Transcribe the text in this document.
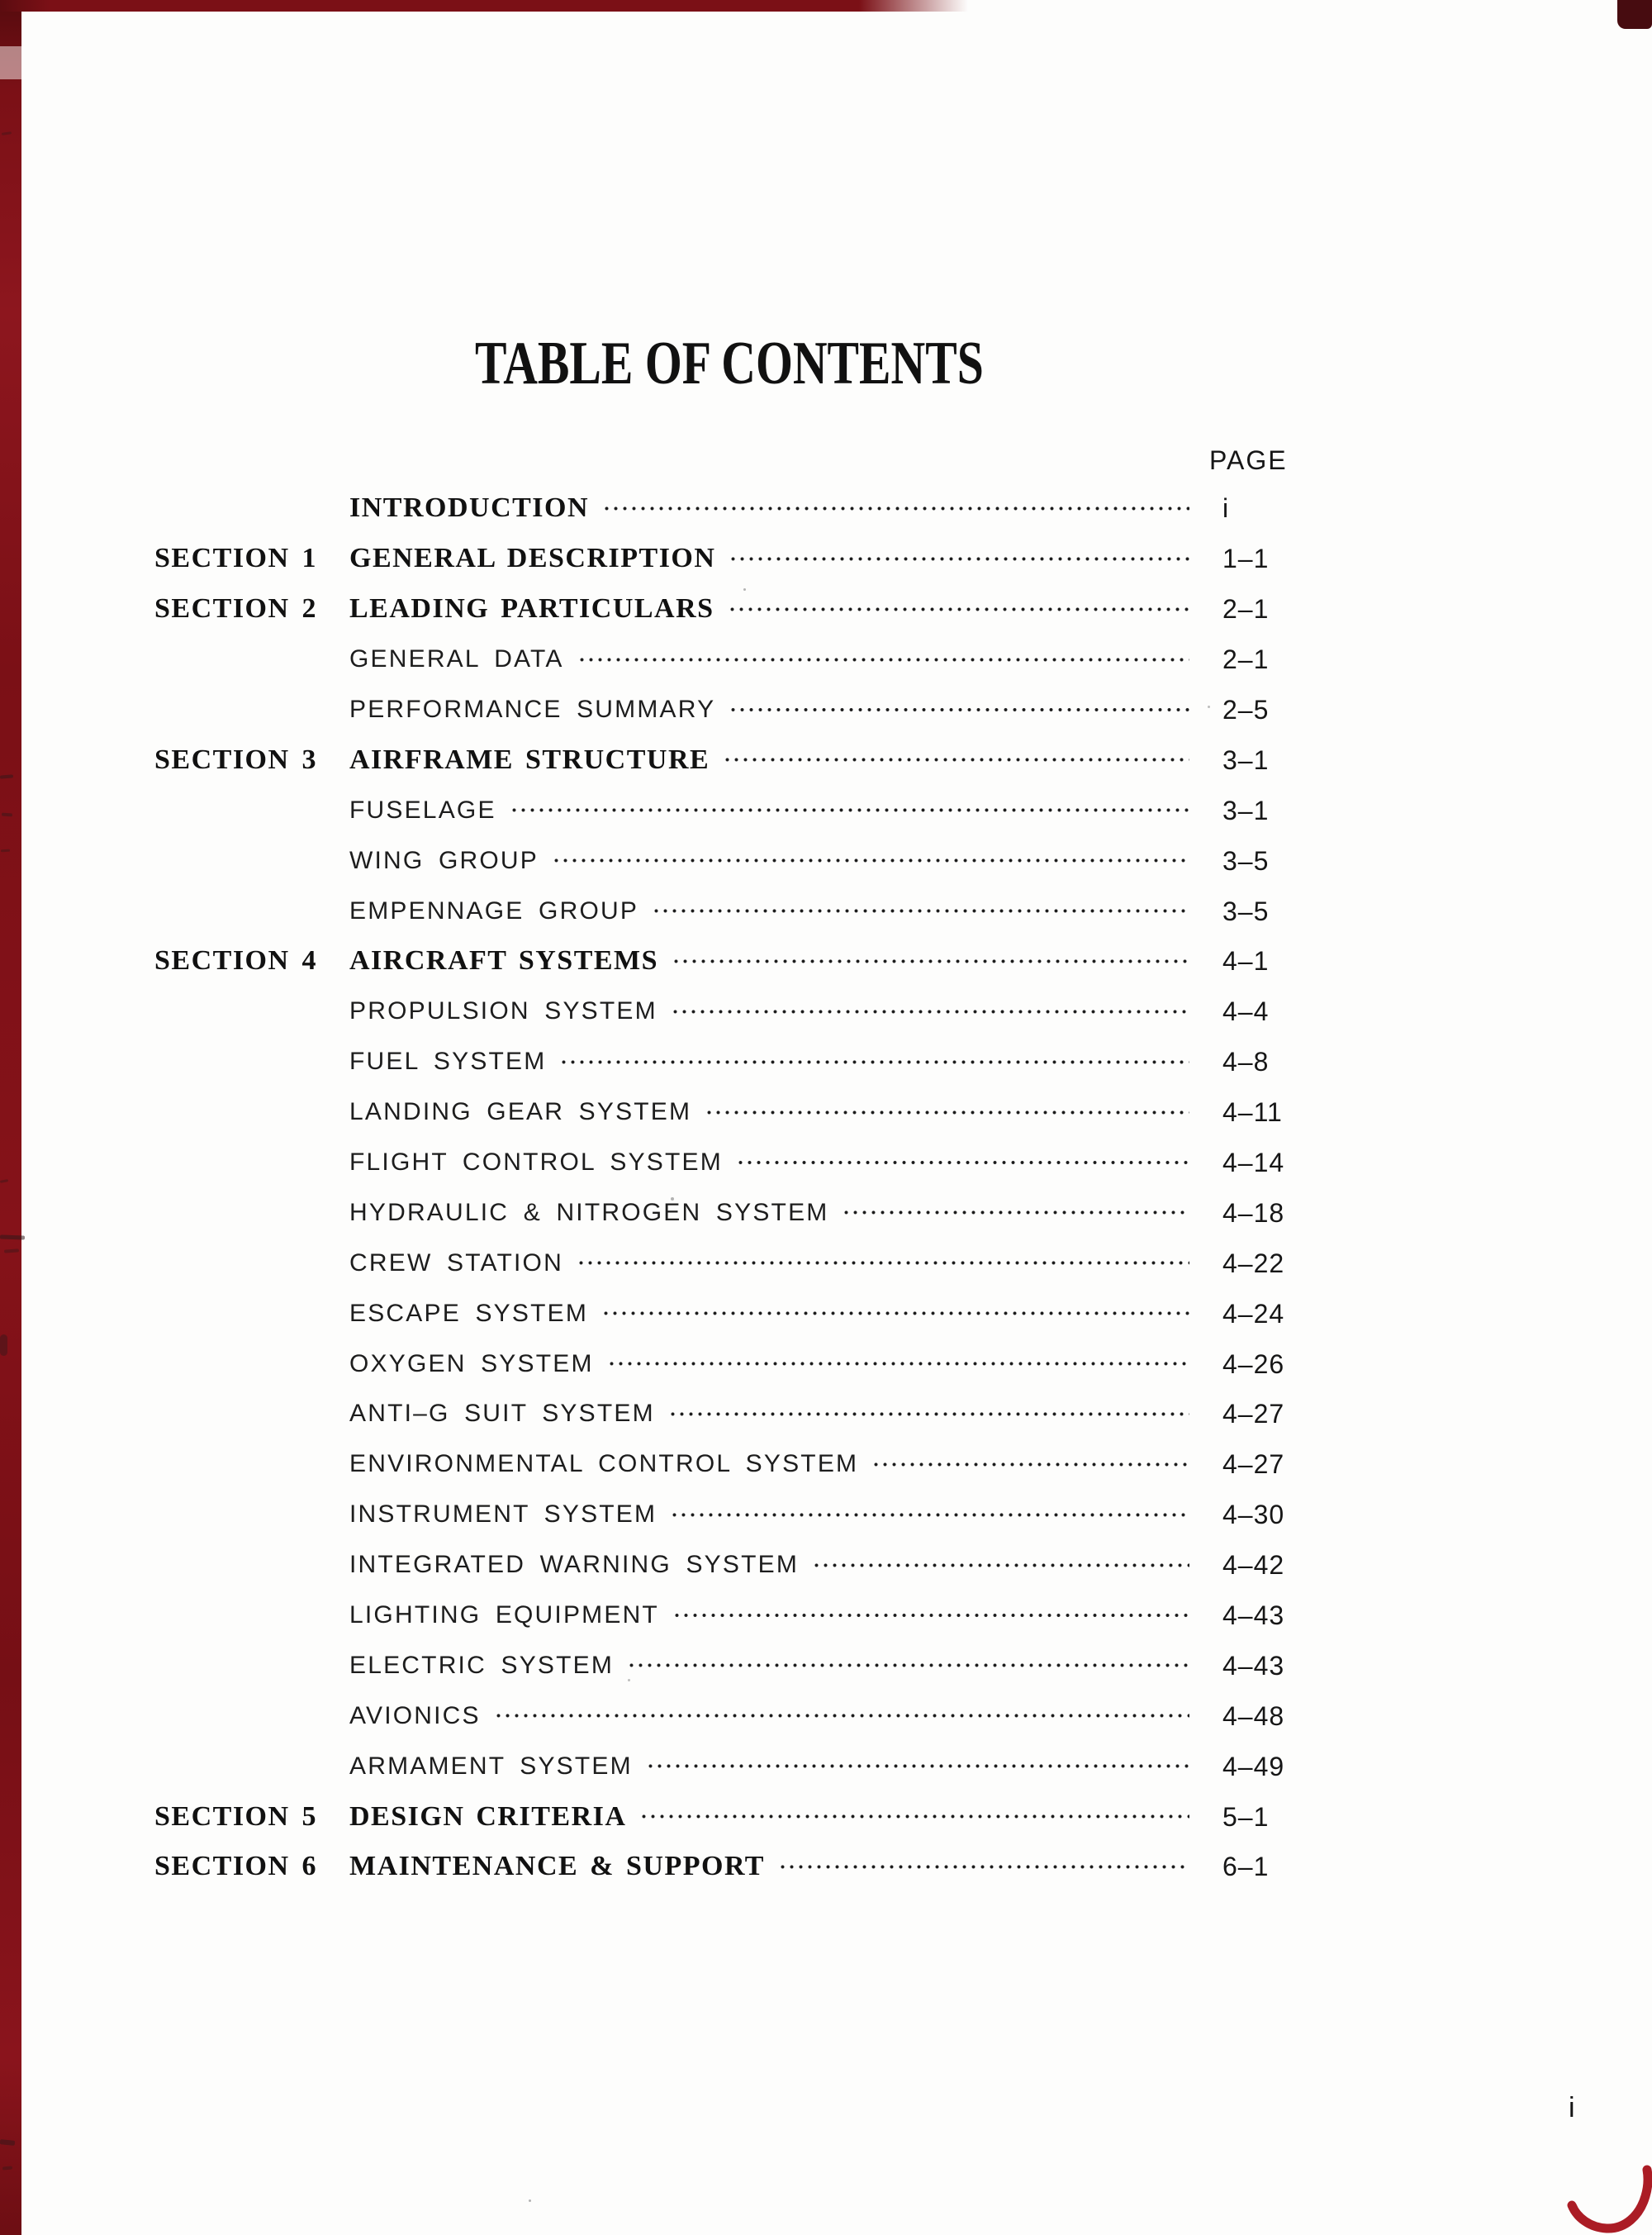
TABLE OF CONTENTS
PAGE
INTRODUCTION	i
SECTION 1	GENERAL DESCRIPTION	1–1
SECTION 2	LEADING PARTICULARS	2–1
GENERAL DATA	2–1
PERFORMANCE SUMMARY	2–5
SECTION 3	AIRFRAME STRUCTURE	3–1
FUSELAGE	3–1
WING GROUP	3–5
EMPENNAGE GROUP	3–5
SECTION 4	AIRCRAFT SYSTEMS	4–1
PROPULSION SYSTEM	4–4
FUEL SYSTEM	4–8
LANDING GEAR SYSTEM	4–11
FLIGHT CONTROL SYSTEM	4–14
HYDRAULIC & NITROGEN SYSTEM	4–18
CREW STATION	4–22
ESCAPE SYSTEM	4–24
OXYGEN SYSTEM	4–26
ANTI–G SUIT SYSTEM	4–27
ENVIRONMENTAL CONTROL SYSTEM	4–27
INSTRUMENT SYSTEM	4–30
INTEGRATED WARNING SYSTEM	4–42
LIGHTING EQUIPMENT	4–43
ELECTRIC SYSTEM	4–43
AVIONICS	4–48
ARMAMENT SYSTEM	4–49
SECTION 5	DESIGN CRITERIA	5–1
SECTION 6	MAINTENANCE & SUPPORT	6–1
i
